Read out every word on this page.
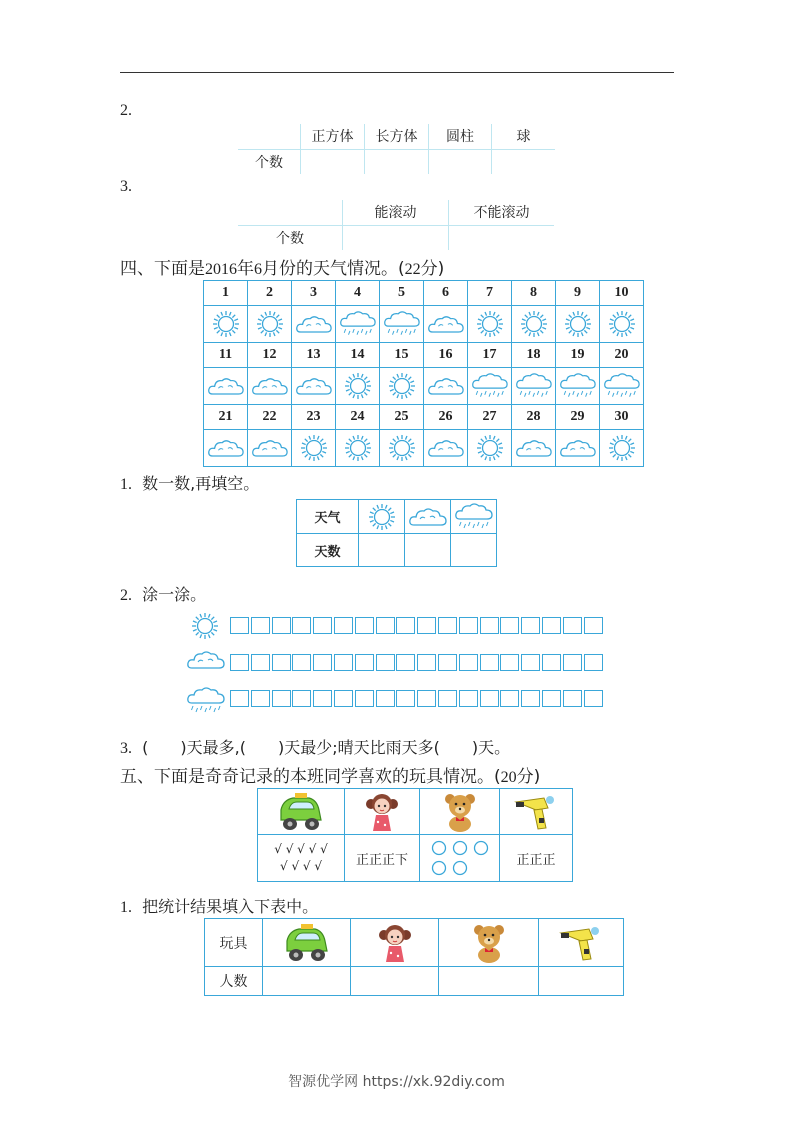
2.
	正方体	长方体	圆柱	球
个数				
3.
	能滚动	不能滚动
个数		
四、下面是2016年6月份的天气情况。(22分)
1	2	3	4	5	6	7	8	9	10

11	12	13	14	15	16	17	18	19	20

21	22	23	24	25	26	27	28	29	30

1. 数一数,再填空。
天气	

天数			
2. 涂一涂。
3. (　　)天最多,(　　)天最少;晴天比雨天多(　　)天。
五、下面是奇奇记录的本班同学喜欢的玩具情况。(20分)

√ √ √ √ √
√ √ √ √	正正正下		正正正
1. 把统计结果填入下表中。
玩具	

人数				
智源优学网 https://xk.92diy.com
